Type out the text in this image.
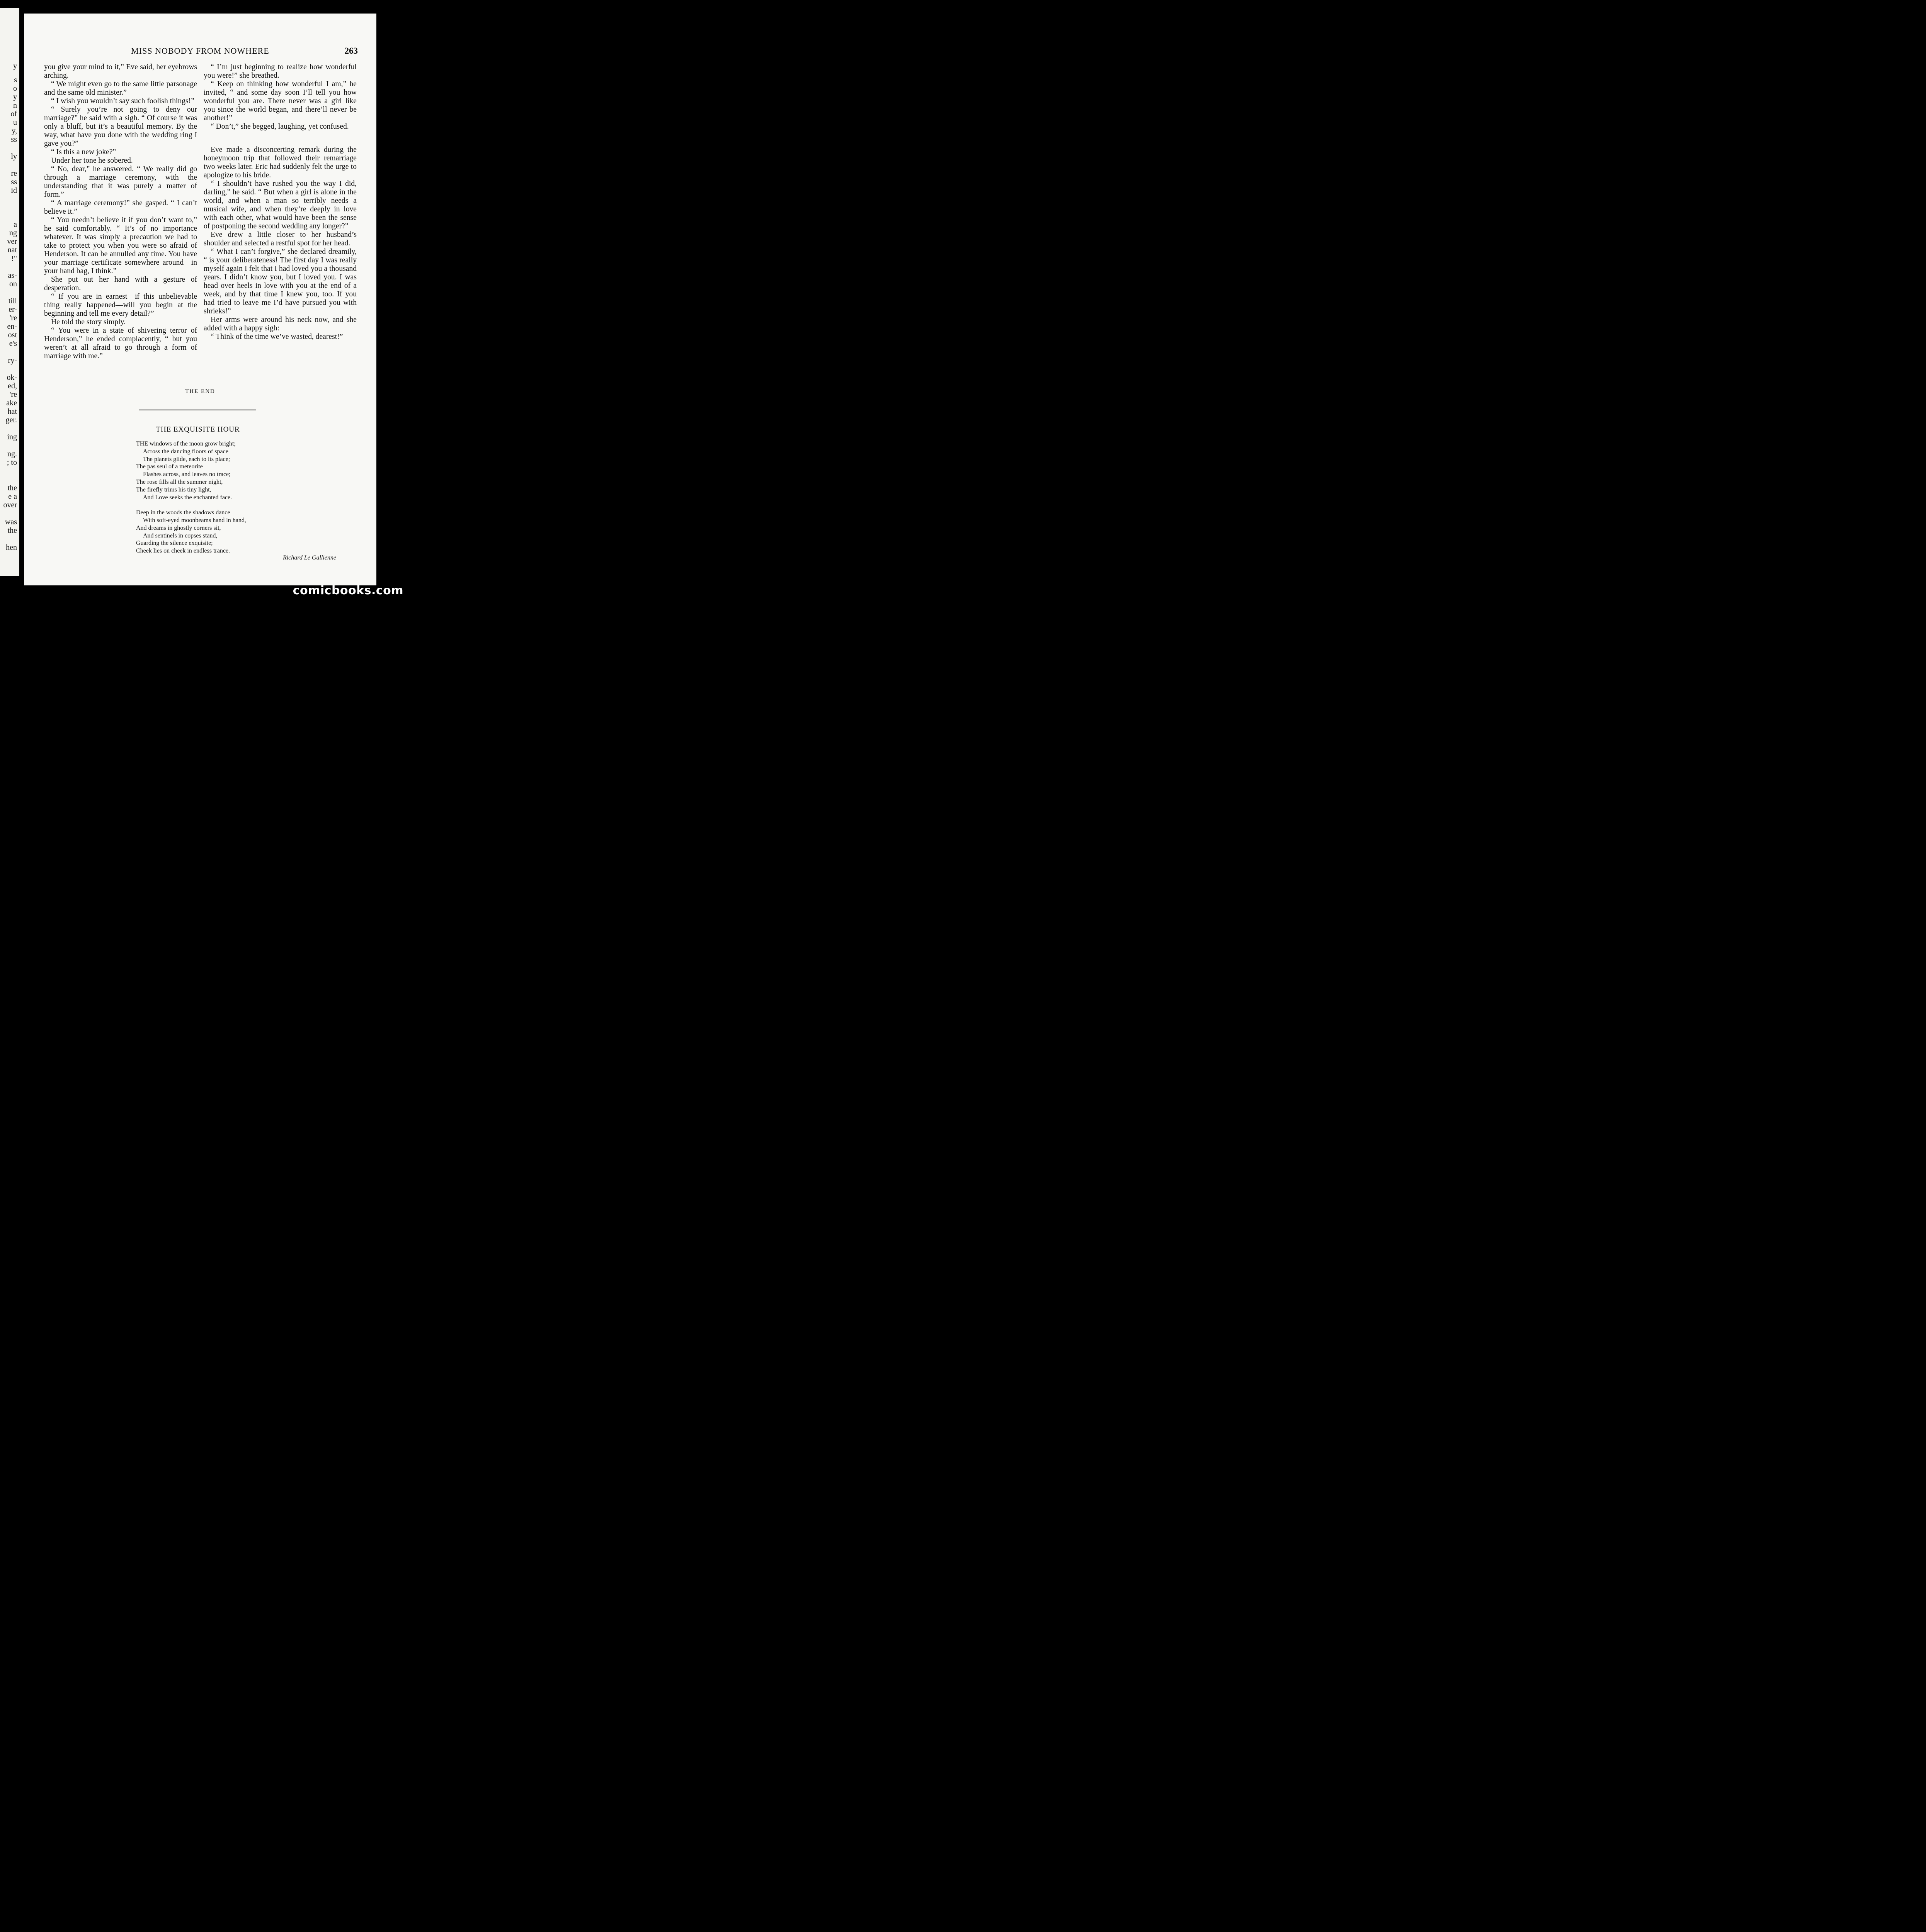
y
s
o
y
n
of
u
y,
ss
ly
re
ss
id
a
ng
ver
nat
!"
as-
on
till
er-
're
en-
ost
e's
ry-
ok-
ed,
're
ake
hat
ger.
ing
ng.
; to
the
e a
over
was
the
hen
MISS NOBODY FROM NOWHERE	263

you give your mind to it,” Eve said, her eyebrows arching.

“ We might even go to the same little parsonage and the same old minister.”

“ I wish you wouldn’t say such foolish things!”

“ Surely you’re not going to deny our marriage?” he said with a sigh. “ Of course it was only a bluff, but it’s a beautiful memory. By the way, what have you done with the wedding ring I gave you?”

“ Is this a new joke?”

Under her tone he sobered.

“ No, dear,” he answered. “ We really did go through a marriage ceremony, with the understanding that it was purely a matter of form.”

“ A marriage ceremony!” she gasped. “ I can’t believe it.”

“ You needn’t believe it if you don’t want to,” he said comfortably. “ It’s of no importance whatever. It was simply a precaution we had to take to protect you when you were so afraid of Henderson. It can be annulled any time. You have your marriage certificate somewhere around—in your hand bag, I think.”

She put out her hand with a gesture of desperation.

“ If you are in earnest—if this unbelievable thing really happened—will you begin at the beginning and tell me every detail?”

He told the story simply.

“ You were in a state of shivering terror of Henderson,” he ended complacently, “ but you weren’t at all afraid to go through a form of marriage with me.”

“ I’m just beginning to realize how wonderful you were!” she breathed.

“ Keep on thinking how wonderful I am,” he invited, “ and some day soon I’ll tell you how wonderful you are. There never was a girl like you since the world began, and there’ll never be another!”

“ Don’t,” she begged, laughing, yet confused.

Eve made a disconcerting remark during the honeymoon trip that followed their remarriage two weeks later. Eric had suddenly felt the urge to apologize to his bride.

“ I shouldn’t have rushed you the way I did, darling,” he said. “ But when a girl is alone in the world, and when a man so terribly needs a musical wife, and when they’re deeply in love with each other, what would have been the sense of postponing the second wedding any longer?”

Eve drew a little closer to her husband’s shoulder and selected a restful spot for her head.

“ What I can’t forgive,” she declared dreamily, “ is your deliberateness! The first day I was really myself again I felt that I had loved you a thousand years. I didn’t know you, but I loved you. I was head over heels in love with you at the end of a week, and by that time I knew you, too. If you had tried to leave me I’d have pursued you with shrieks!”

Her arms were around his neck now, and she added with a happy sigh:

“ Think of the time we’ve wasted, dearest!”

THE END
THE EXQUISITE HOUR
THE windows of the moon grow bright;
Across the dancing floors of space
The planets glide, each to its place;
The pas seul of a meteorite
Flashes across, and leaves no trace;
The rose fills all the summer night,
The firefly trims his tiny light,
And Love seeks the enchanted face.
Deep in the woods the shadows dance
With soft-eyed moonbeams hand in hand,
And dreams in ghostly corners sit,
And sentinels in copses stand,
Guarding the silence exquisite;
Cheek lies on cheek in endless trance.
Richard Le Gallienne
comicbooks.com
